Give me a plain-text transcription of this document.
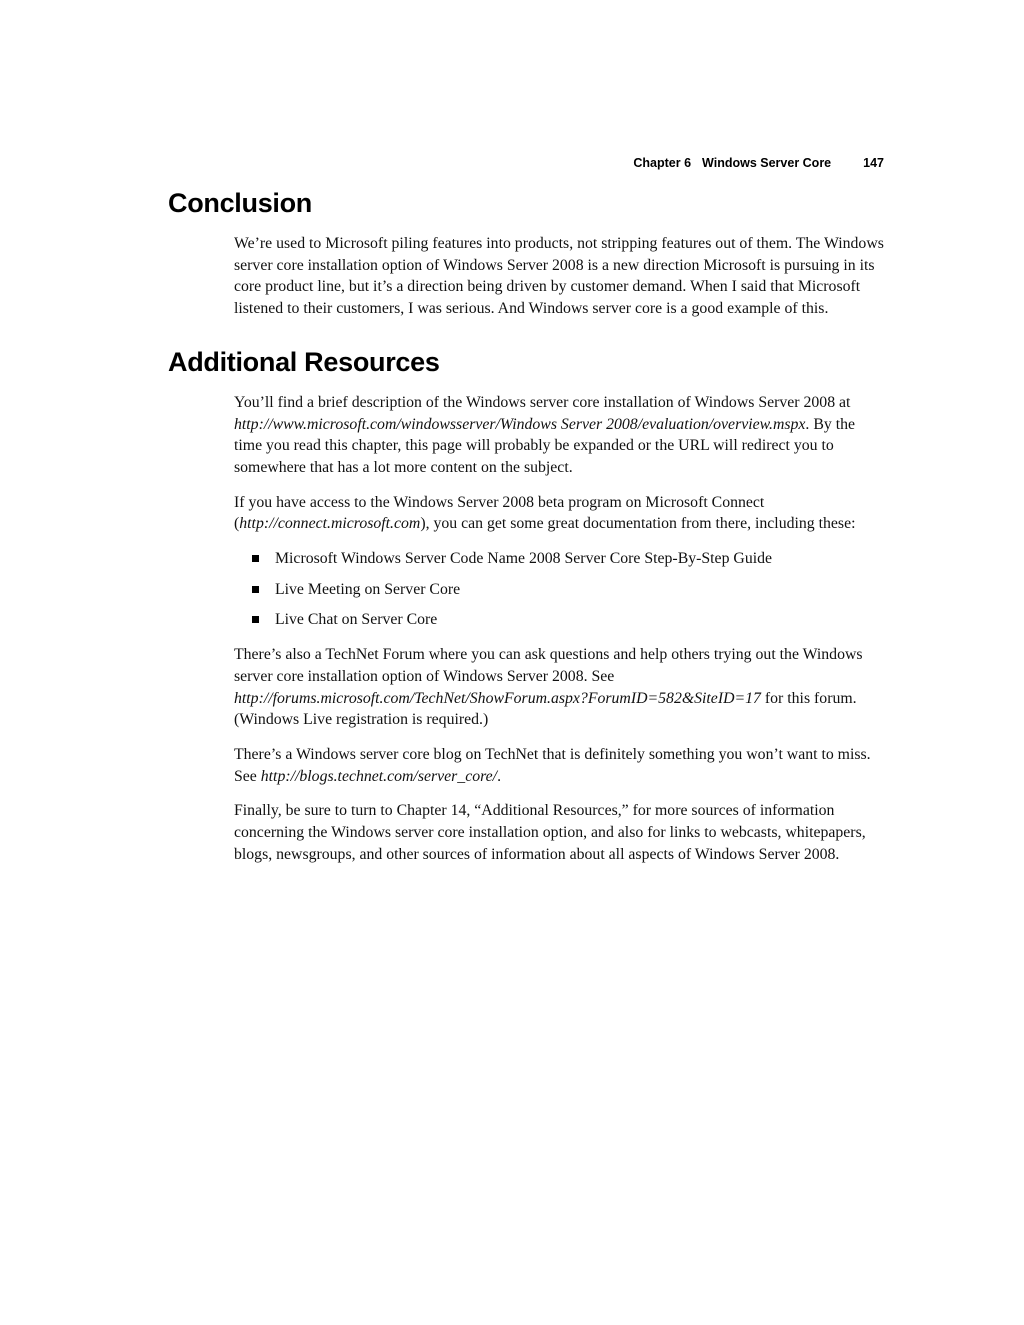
Chapter 6 Windows Server Core	147
Conclusion

We’re used to Microsoft piling features into products, not stripping features out of them. The Windows server core installation option of Windows Server 2008 is a new direction Microsoft is pursuing in its core product line, but it’s a direction being driven by customer demand. When I said that Microsoft listened to their customers, I was serious. And Windows server core is a good example of this.

Additional Resources

You’ll find a brief description of the Windows server core installation of Windows Server 2008 at http://www.microsoft.com/windowsserver/Windows Server 2008/evaluation/overview.mspx. By the time you read this chapter, this page will probably be expanded or the URL will redirect you to somewhere that has a lot more content on the subject.

If you have access to the Windows Server 2008 beta program on Microsoft Connect (http://connect.microsoft.com), you can get some great documentation from there, including these:

Microsoft Windows Server Code Name 2008 Server Core Step-By-Step Guide
Live Meeting on Server Core
Live Chat on Server Core

There’s also a TechNet Forum where you can ask questions and help others trying out the Windows server core installation option of Windows Server 2008. See http://forums.microsoft.com/TechNet/ShowForum.aspx?ForumID=582&SiteID=17 for this forum. (Windows Live registration is required.)

There’s a Windows server core blog on TechNet that is definitely something you won’t want to miss. See http://blogs.technet.com/server_core/.

Finally, be sure to turn to Chapter 14, “Additional Resources,” for more sources of information concerning the Windows server core installation option, and also for links to webcasts, whitepapers, blogs, newsgroups, and other sources of information about all aspects of Windows Server 2008.
